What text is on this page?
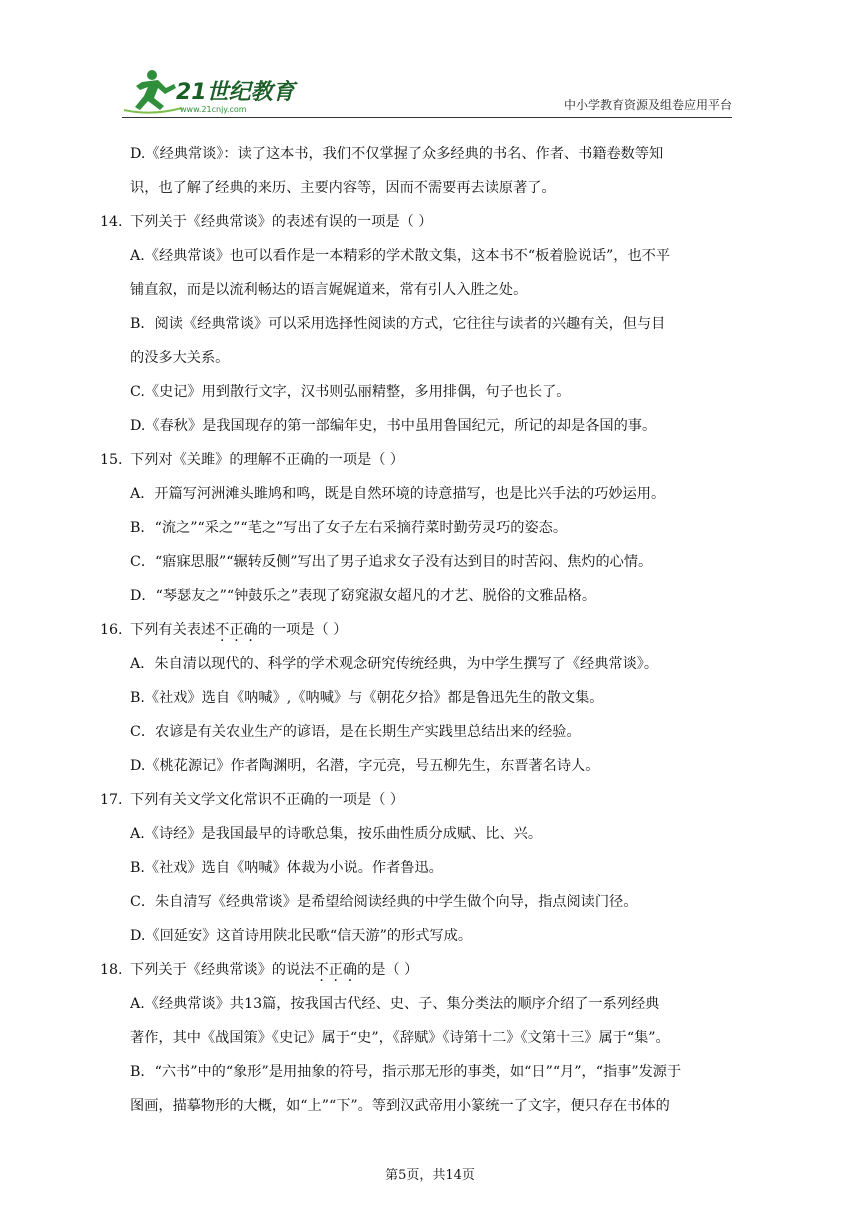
21世纪教育
www.21cnjy.com	中小学教育资源及组卷应用平台
D.《经典常谈》：读了这本书，我们不仅掌握了众多经典的书名、作者、书籍卷数等知
识，也了解了经典的来历、主要内容等，因而不需要再去读原著了。
14. 下列关于《经典常谈》的表述有误的一项是（ ）
A.《经典常谈》也可以看作是一本精彩的学术散文集，这本书不“板着脸说话”，也不平
铺直叙，而是以流利畅达的语言娓娓道来，常有引人入胜之处。
B．阅读《经典常谈》可以采用选择性阅读的方式，它往往与读者的兴趣有关，但与目
的没多大关系。
C.《史记》用到散行文字，汉书则弘丽精整，多用排偶，句子也长了。
D.《春秋》是我国现存的第一部编年史，书中虽用鲁国纪元，所记的却是各国的事。
15. 下列对《关雎》的理解不正确的一项是（ ）
A．开篇写河洲滩头雎鸠和鸣，既是自然环境的诗意描写，也是比兴手法的巧妙运用。
B．“流之”“采之”“芼之”写出了女子左右采摘荇菜时勤劳灵巧的姿态。
C．“寤寐思服”“辗转反侧”写出了男子追求女子没有达到目的时苦闷、焦灼的心情。
D．“琴瑟友之”“钟鼓乐之”表现了窈窕淑女超凡的才艺、脱俗的文雅品格。
16. 下列有关表述不正确的一项是（ ）
A．朱自清以现代的、科学的学术观念研究传统经典，为中学生撰写了《经典常谈》。
B.《社戏》选自《呐喊》,《呐喊》与《朝花夕拾》都是鲁迅先生的散文集。
C．农谚是有关农业生产的谚语，是在长期生产实践里总结出来的经验。
D.《桃花源记》作者陶渊明，名潜，字元亮，号五柳先生，东晋著名诗人。
17. 下列有关文学文化常识不正确的一项是（ ）
A.《诗经》是我国最早的诗歌总集，按乐曲性质分成赋、比、兴。
B.《社戏》选自《呐喊》体裁为小说。作者鲁迅。
C．朱自清写《经典常谈》是希望给阅读经典的中学生做个向导，指点阅读门径。
D.《回延安》这首诗用陕北民歌“信天游”的形式写成。
18. 下列关于《经典常谈》的说法不正确的是（ ）
A.《经典常谈》共13篇，按我国古代经、史、子、集分类法的顺序介绍了一系列经典
著作，其中《战国策》《史记》属于“史”，《辞赋》《诗第十二》《文第十三》属于“集”。
B．“六书”中的“象形”是用抽象的符号，指示那无形的事类，如“日”“月”，“指事”发源于
图画，描摹物形的大概，如“上”“下”。等到汉武帝用小篆统一了文字，便只存在书体的
第5页，共14页
